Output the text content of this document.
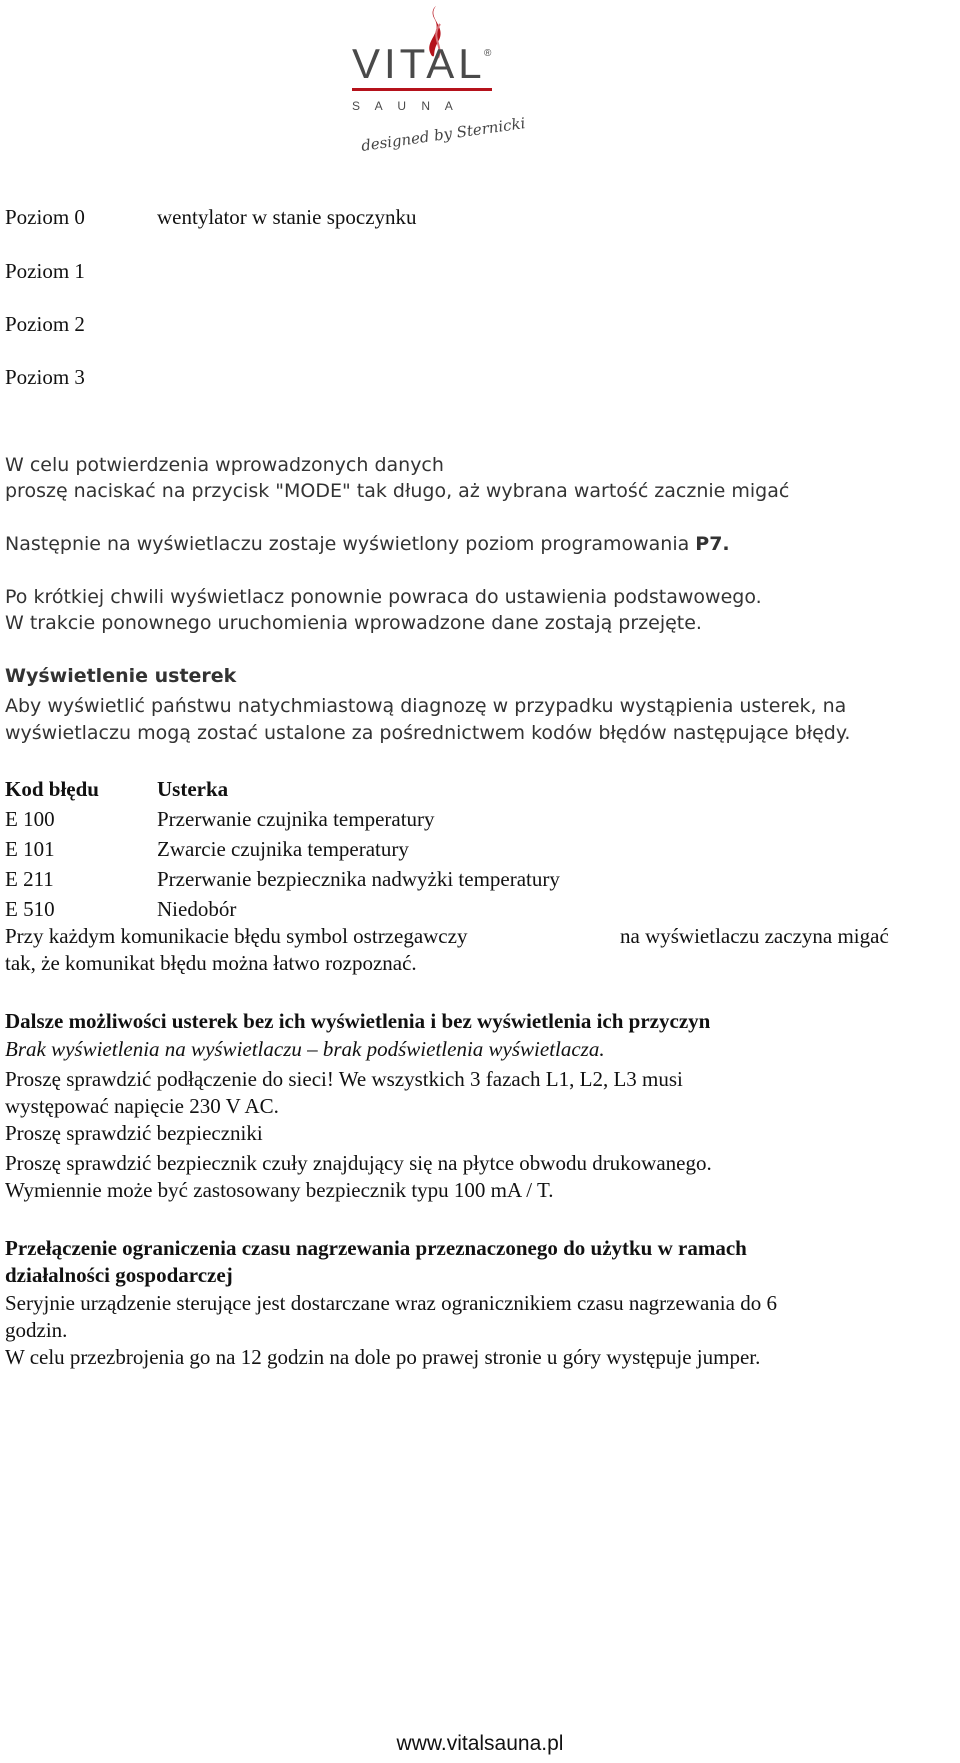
VITAL
®
S A U N A
designed by Sternicki
Poziom 0	wentylator w stanie spoczynku
Poziom 1
Poziom 2
Poziom 3
W celu potwierdzenia wprowadzonych danych
proszę naciskać na przycisk "MODE" tak długo, aż wybrana wartość zacznie migać
Następnie na wyświetlaczu zostaje wyświetlony poziom programowania P7.
Po krótkiej chwili wyświetlacz ponownie powraca do ustawienia podstawowego.
W trakcie ponownego uruchomienia wprowadzone dane zostają przejęte.
Wyświetlenie usterek
Aby wyświetlić państwu natychmiastową diagnozę w przypadku wystąpienia usterek, na
wyświetlaczu mogą zostać ustalone za pośrednictwem kodów błędów następujące błędy.
Kod błędu	Usterka
E 100	Przerwanie czujnika temperatury
E 101	Zwarcie czujnika temperatury
E 211	Przerwanie bezpiecznika nadwyżki temperatury
E 510	Niedobór
Przy każdym komunikacie błędu symbol ostrzegawczy	na wyświetlaczu zaczyna migać
tak, że komunikat błędu można łatwo rozpoznać.
Dalsze możliwości usterek bez ich wyświetlenia i bez wyświetlenia ich przyczyn
Brak wyświetlenia na wyświetlaczu – brak podświetlenia wyświetlacza.
Proszę sprawdzić podłączenie do sieci! We wszystkich 3 fazach L1, L2, L3 musi
występować napięcie 230 V AC.
Proszę sprawdzić bezpieczniki
Proszę sprawdzić bezpiecznik czuły znajdujący się na płytce obwodu drukowanego.
Wymiennie może być zastosowany bezpiecznik typu 100 mA / T.
Przełączenie ograniczenia czasu nagrzewania przeznaczonego do użytku w ramach
działalności gospodarczej
Seryjnie urządzenie sterujące jest dostarczane wraz ogranicznikiem czasu nagrzewania do 6
godzin.
W celu przezbrojenia go na 12 godzin na dole po prawej stronie u góry występuje jumper.
www.vitalsauna.pl
